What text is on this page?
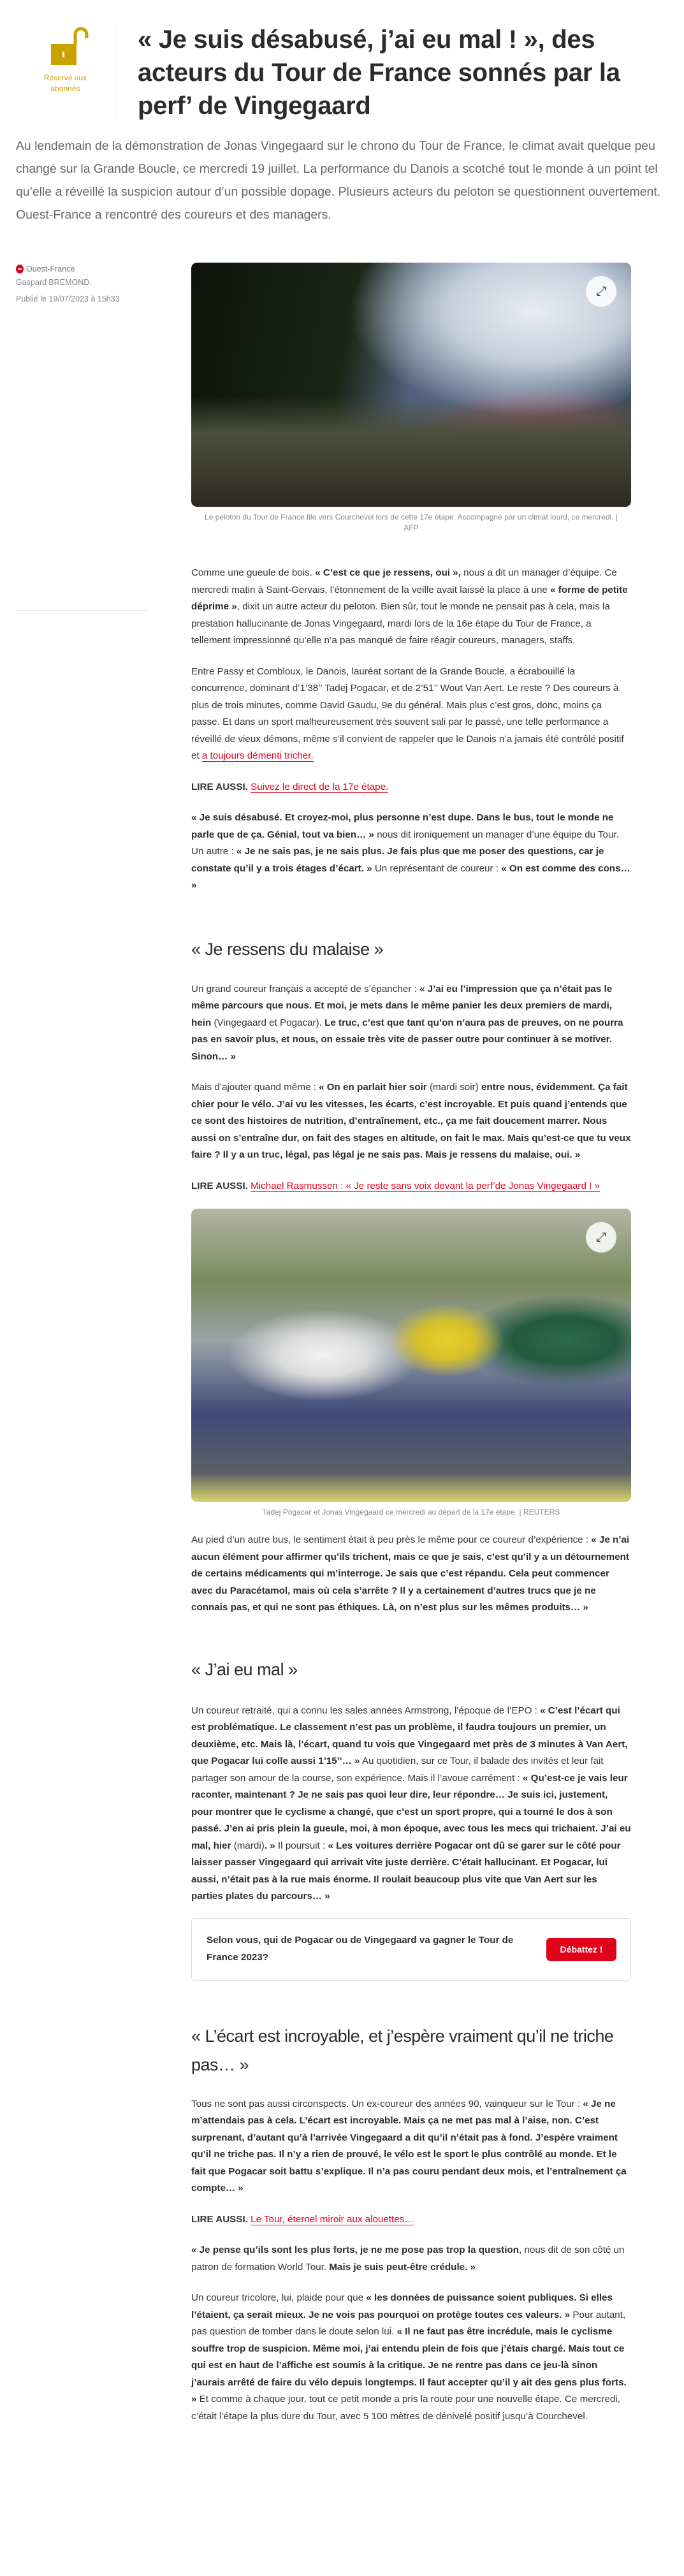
Réservé aux abonnés
« Je suis désabusé, j’ai eu mal ! », des acteurs du Tour de France sonnés par la perf’ de Vingegaard

Au lendemain de la démonstration de Jonas Vingegaard sur le chrono du Tour de France, le climat avait quelque peu changé sur la Grande Boucle, ce mercredi 19 juillet. La performance du Danois a scotché tout le monde à un point tel qu’elle a réveillé la suspicion autour d’un possible dopage. Plusieurs acteurs du peloton se questionnent ouvertement. Ouest-France a rencontré des coureurs et des managers.

Ouest-France
Gaspard BREMOND.
Publié le 19/07/2023 à 15h33
⤢
Le peloton du Tour de France file vers Courchevel lors de cette 17e étape. Accompagné par un climat lourd, ce mercredi. | AFP

Comme une gueule de bois. « C’est ce que je ressens, oui », nous a dit un manager d’équipe. Ce mercredi matin à Saint-Gervais, l’étonnement de la veille avait laissé la place à une « forme de petite déprime », dixit un autre acteur du peloton. Bien sûr, tout le monde ne pensait pas à cela, mais la prestation hallucinante de Jonas Vingegaard, mardi lors de la 16e étape du Tour de France, a tellement impressionné qu’elle n’a pas manqué de faire réagir coureurs, managers, staffs.

Entre Passy et Combloux, le Danois, lauréat sortant de la Grande Boucle, a écrabouillé la concurrence, dominant d’1’38’’ Tadej Pogacar, et de 2’51’’ Wout Van Aert. Le reste ? Des coureurs à plus de trois minutes, comme David Gaudu, 9e du général. Mais plus c’est gros, donc, moins ça passe. Et dans un sport malheureusement très souvent sali par le passé, une telle performance a réveillé de vieux démons, même s’il convient de rappeler que le Danois n’a jamais été contrôlé positif et a toujours démenti tricher.

LIRE AUSSI. Suivez le direct de la 17e étape.

« Je suis désabusé. Et croyez-moi, plus personne n’est dupe. Dans le bus, tout le monde ne parle que de ça. Génial, tout va bien… » nous dit ironiquement un manager d’une équipe du Tour. Un autre : « Je ne sais pas, je ne sais plus. Je fais plus que me poser des questions, car je constate qu’il y a trois étages d’écart. » Un représentant de coureur : « On est comme des cons… »

« Je ressens du malaise »

Un grand coureur français a accepté de s’épancher : « J’ai eu l’impression que ça n’était pas le même parcours que nous. Et moi, je mets dans le même panier les deux premiers de mardi, hein (Vingegaard et Pogacar). Le truc, c’est que tant qu’on n’aura pas de preuves, on ne pourra pas en savoir plus, et nous, on essaie très vite de passer outre pour continuer à se motiver. Sinon… »

Mais d’ajouter quand même : « On en parlait hier soir (mardi soir) entre nous, évidemment. Ça fait chier pour le vélo. J’ai vu les vitesses, les écarts, c’est incroyable. Et puis quand j’entends que ce sont des histoires de nutrition, d’entraînement, etc., ça me fait doucement marrer. Nous aussi on s’entraîne dur, on fait des stages en altitude, on fait le max. Mais qu’est-ce que tu veux faire ? Il y a un truc, légal, pas légal je ne sais pas. Mais je ressens du malaise, oui. »

LIRE AUSSI. Michael Rasmussen : « Je reste sans voix devant la perf’de Jonas Vingegaard ! »

⤢
Tadej Pogacar et Jonas Vingegaard ce mercredi au départ de la 17e étape. | REUTERS

Au pied d’un autre bus, le sentiment était à peu près le même pour ce coureur d’expérience : « Je n’ai aucun élément pour affirmer qu’ils trichent, mais ce que je sais, c’est qu’il y a un détournement de certains médicaments qui m’interroge. Je sais que c’est répandu. Cela peut commencer avec du Paracétamol, mais où cela s’arrête ? Il y a certainement d’autres trucs que je ne connais pas, et qui ne sont pas éthiques. Là, on n’est plus sur les mêmes produits… »

« J’ai eu mal »

Un coureur retraité, qui a connu les sales années Armstrong, l’époque de l’EPO : « C’est l’écart qui est problématique. Le classement n’est pas un problème, il faudra toujours un premier, un deuxième, etc. Mais là, l’écart, quand tu vois que Vingegaard met près de 3 minutes à Van Aert, que Pogacar lui colle aussi 1’15’’… » Au quotidien, sur ce Tour, il balade des invités et leur fait partager son amour de la course, son expérience. Mais il l’avoue carrément : « Qu’est-ce je vais leur raconter, maintenant ? Je ne sais pas quoi leur dire, leur répondre… Je suis ici, justement, pour montrer que le cyclisme a changé, que c’est un sport propre, qui a tourné le dos à son passé. J’en ai pris plein la gueule, moi, à mon époque, avec tous les mecs qui trichaient. J’ai eu mal, hier (mardi). » Il poursuit : « Les voitures derrière Pogacar ont dû se garer sur le côté pour laisser passer Vingegaard qui arrivait vite juste derrière. C’était hallucinant. Et Pogacar, lui aussi, n’était pas à la rue mais énorme. Il roulait beaucoup plus vite que Van Aert sur les parties plates du parcours… »

Selon vous, qui de Pogacar ou de Vingegaard va gagner le Tour de France 2023?
Débattez !
« L’écart est incroyable, et j’espère vraiment qu’il ne triche pas… »

Tous ne sont pas aussi circonspects. Un ex-coureur des années 90, vainqueur sur le Tour : « Je ne m’attendais pas à cela. L’écart est incroyable. Mais ça ne met pas mal à l’aise, non. C’est surprenant, d’autant qu’à l’arrivée Vingegaard a dit qu’il n’était pas à fond. J’espère vraiment qu’il ne triche pas. Il n’y a rien de prouvé, le vélo est le sport le plus contrôlé au monde. Et le fait que Pogacar soit battu s’explique. Il n’a pas couru pendant deux mois, et l’entraînement ça compte… »

LIRE AUSSI. Le Tour, éternel miroir aux alouettes…

« Je pense qu’ils sont les plus forts, je ne me pose pas trop la question, nous dit de son côté un patron de formation World Tour. Mais je suis peut-être crédule. »

Un coureur tricolore, lui, plaide pour que « les données de puissance soient publiques. Si elles l’étaient, ça serait mieux. Je ne vois pas pourquoi on protège toutes ces valeurs. » Pour autant, pas question de tomber dans le doute selon lui. « Il ne faut pas être incrédule, mais le cyclisme souffre trop de suspicion. Même moi, j’ai entendu plein de fois que j’étais chargé. Mais tout ce qui est en haut de l’affiche est soumis à la critique. Je ne rentre pas dans ce jeu-là sinon j’aurais arrêté de faire du vélo depuis longtemps. Il faut accepter qu’il y ait des gens plus forts. » Et comme à chaque jour, tout ce petit monde a pris la route pour une nouvelle étape. Ce mercredi, c’était l’étape la plus dure du Tour, avec 5 100 mètres de dénivelé positif jusqu’à Courchevel.
